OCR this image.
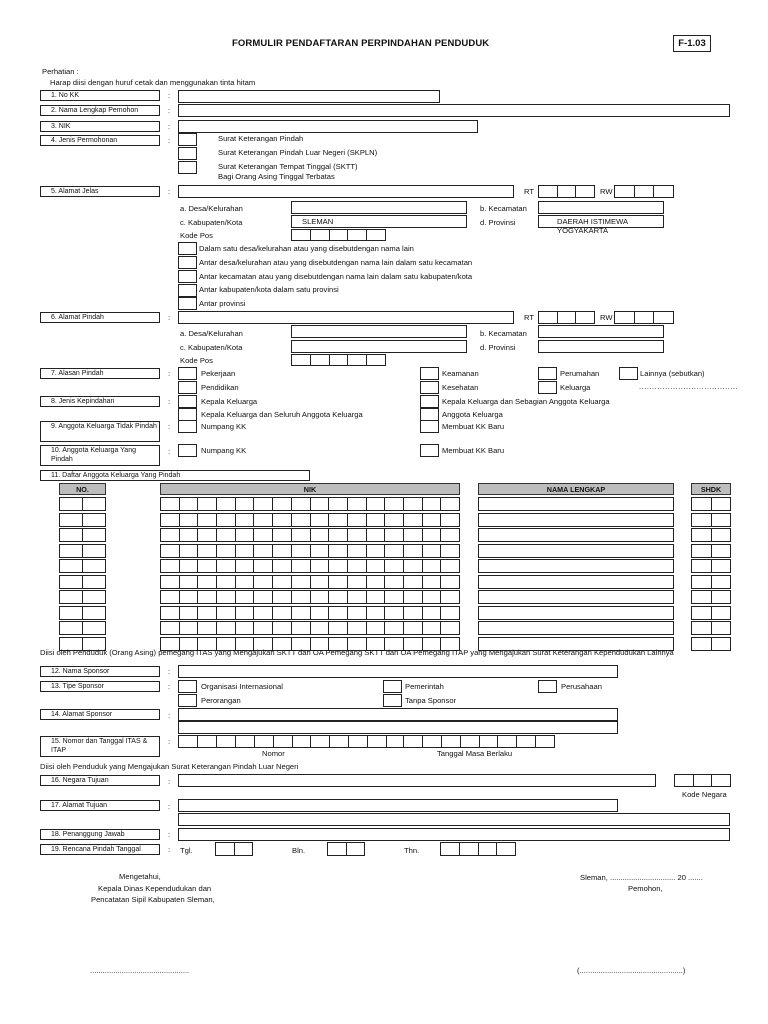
FORMULIR PENDAFTARAN PERPINDAHAN PENDUDUK	F-1.03
Perhatian :
Harap diisi dengan huruf cetak dan menggunakan tinta hitam
1. No KK	:
2. Nama Lengkap Pemohon	:
3. NIK	:
4. Jenis Permohonan	:	Surat Keterangan Pindah
Surat Keterangan Pindah Luar Negeri (SKPLN)
Surat Keterangan Tempat Tinggal (SKTT)
Bagi Orang Asing Tinggal Terbatas
5. Alamat Jelas	:	RT	RW
a. Desa/Kelurahan	b. Kecamatan
c. Kabupaten/Kota	SLEMAN	d. Provinsi	DAERAH ISTIMEWA YOGYAKARTA
Kode Pos
Dalam satu desa/kelurahan atau yang disebutdengan nama lain
Antar desa/kelurahan atau yang disebutdengan nama lain dalam satu kecamatan
Antar kecamatan atau yang disebutdengan nama lain dalam satu kabupaten/kota
Antar kabupaten/kota dalam satu provinsi
Antar provinsi
6. Alamat Pindah	:	RT	RW
a. Desa/Kelurahan	b. Kecamatan
c. Kabupaten/Kota	d. Provinsi
Kode Pos
7. Alasan Pindah	:	Pekerjaan
Pendidikan
Keamanan
Kesehatan
Perumahan
Keluarga
Lainnya (sebutkan)
......................................
8. Jenis Kepindahan	:	Kepala Keluarga	Kepala Keluarga dan Sebagian Anggota Keluarga
Kepala Keluarga dan Seluruh Anggota Keluarga	Anggota Keluarga
9. Anggota Keluarga Tidak Pindah	:	Numpang KK	Membuat KK Baru
10. Anggota Keluarga Yang Pindah
:	Numpang KK	Membuat KK Baru
11. Daftar Anggota Keluarga Yang Pindah
NO.	NIK	NAMA LENGKAP	SHDK
Diisi oleh Penduduk (Orang Asing) pemegang ITAS yang Mengajukan SKTT dan OA Pemegang SKTT dan OA Pemegang ITAP yang Mengajukan Surat Keterangan Kependudukan Lainnya
12. Nama Sponsor	:
13. Tipe Sponsor	:	Organisasi Internasional	Pemerintah	Perusahaan
Perorangan	Tanpa Sponsor
14. Alamat Sponsor	:
15. Nomor dan Tanggal ITAS & ITAP
:
Nomor	Tanggal Masa Berlaku
Diisi oleh Penduduk yang Mengajukan Surat Keterangan Pindah Luar Negeri
16. Negara Tujuan	:
Kode Negara
17. Alamat Tujuan	:
18. Penanggung Jawab	:
19. Rencana Pindah Tanggal	: Tgl.	Bln.	Thn.
Mengetahui,
Kepala Dinas Kependudukan dan
Pencatatan Sipil Kabupaten Sleman,
Sleman, ............................... 20 .......
Pemohon,
...............................................	(.................................................)
